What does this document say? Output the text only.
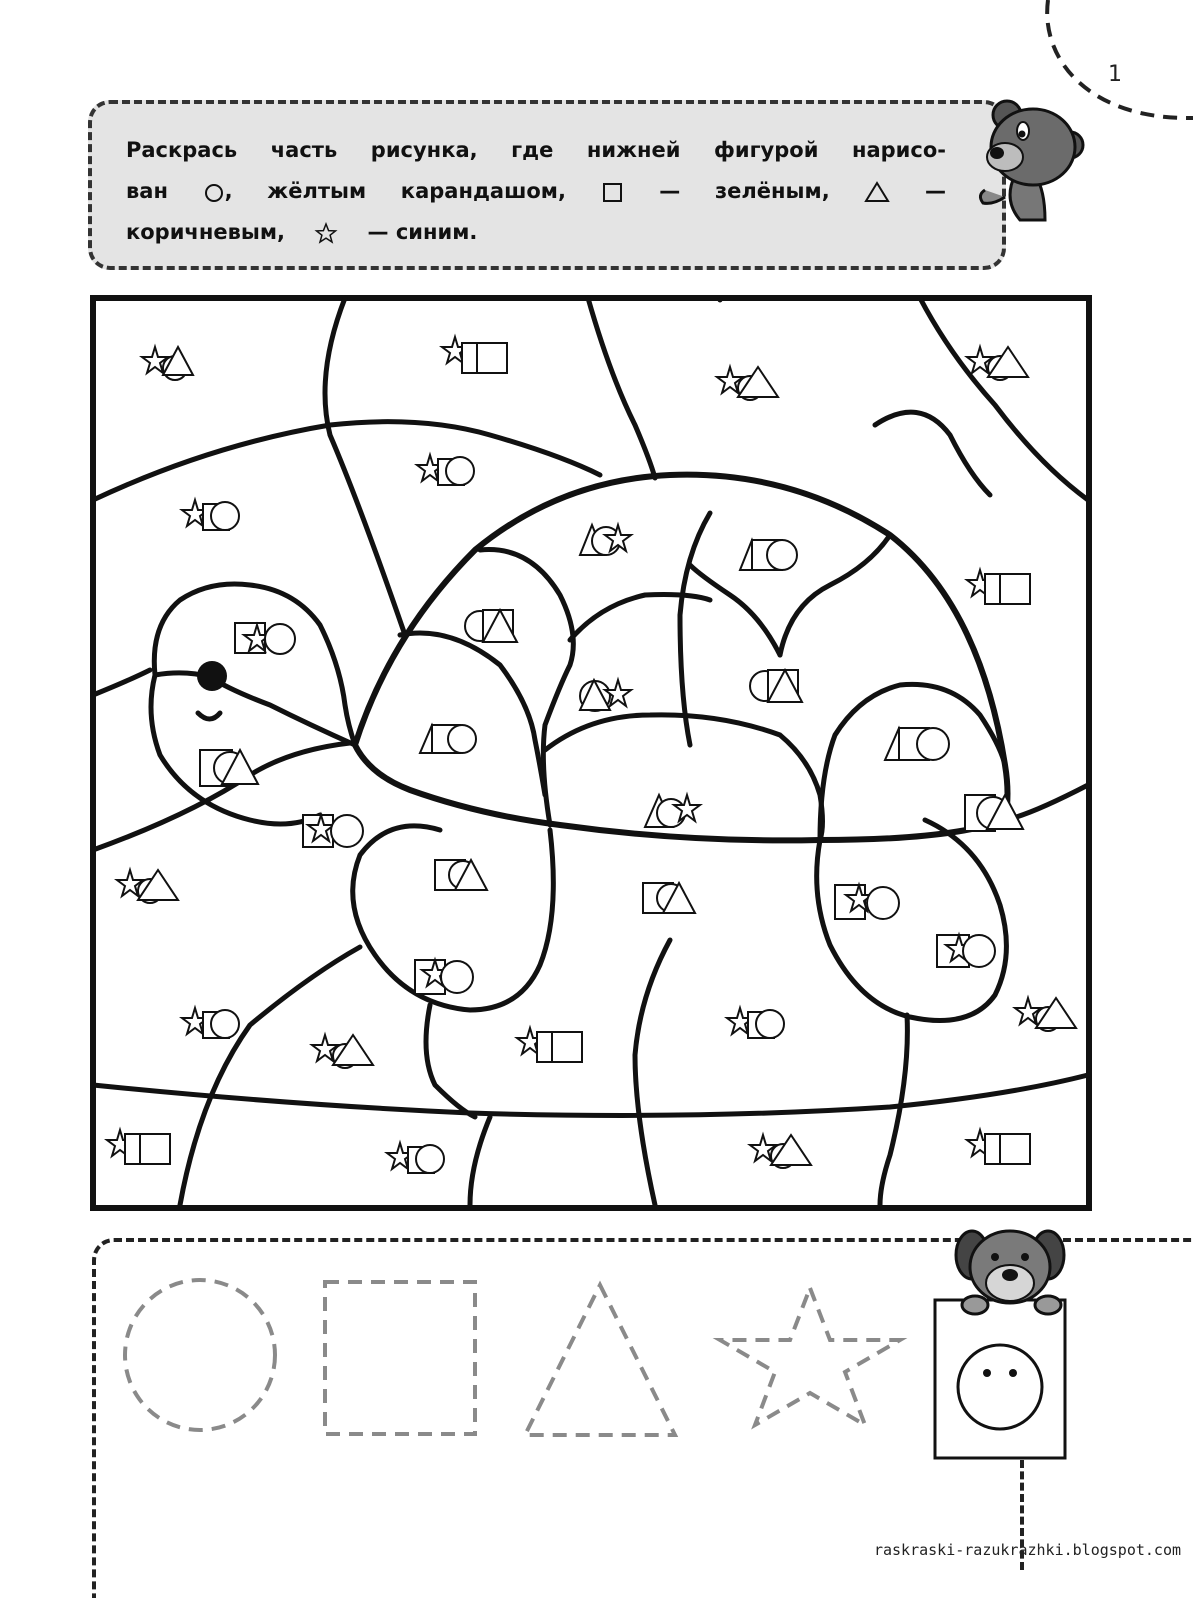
1
Раскрась часть рисунка, где нижней фигурой нарисо-
ван	, жёлтым карандашом,	— зелёным,	—
коричневым,	— синим.
raskraski-razukrazhki.blogspot.com
